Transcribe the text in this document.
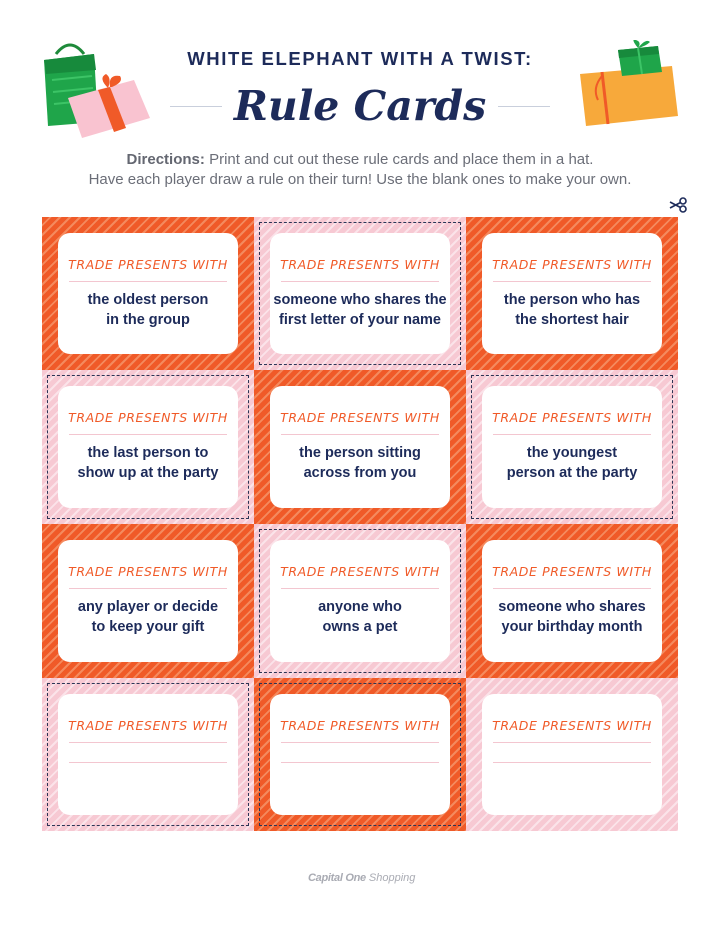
WHITE ELEPHANT WITH A TWIST:
Rule Cards
Directions: Print and cut out these rule cards and place them in a hat.
Have each player draw a rule on their turn! Use the blank ones to make your own.
TRADE PRESENTS WITH
the oldest person
in the group
TRADE PRESENTS WITH
someone who shares the
first letter of your name
TRADE PRESENTS WITH
the person who has
the shortest hair
TRADE PRESENTS WITH
the last person to
show up at the party
TRADE PRESENTS WITH
the person sitting
across from you
TRADE PRESENTS WITH
the youngest
person at the party
TRADE PRESENTS WITH
any player or decide
to keep your gift
TRADE PRESENTS WITH
anyone who
owns a pet
TRADE PRESENTS WITH
someone who shares
your birthday month
TRADE PRESENTS WITH	TRADE PRESENTS WITH	TRADE PRESENTS WITH
Capital One Shopping
